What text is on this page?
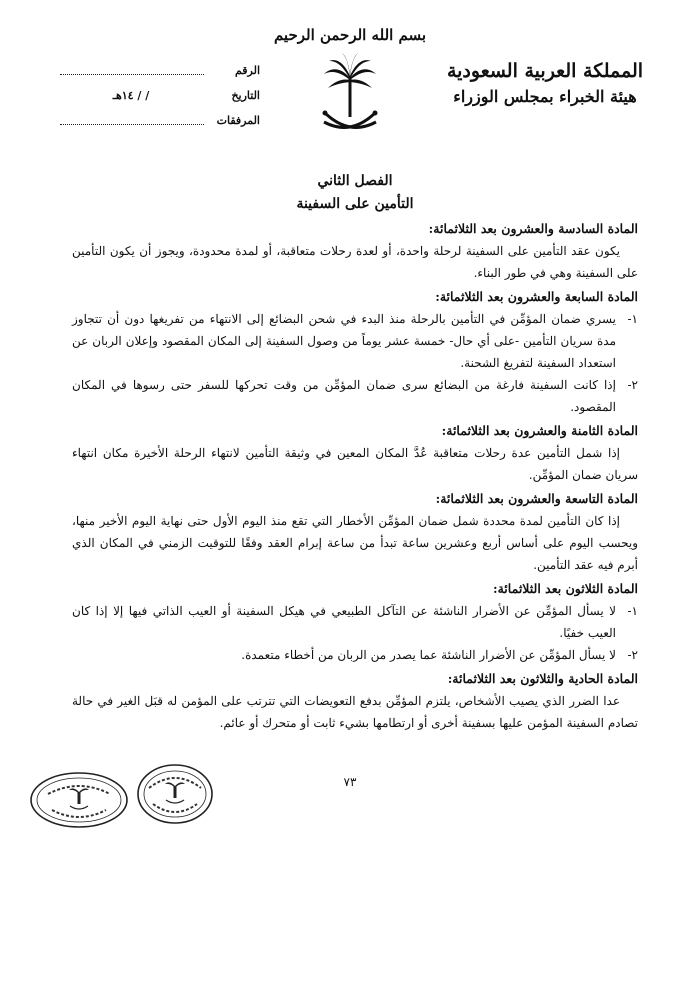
بسم الله الرحمن الرحيم
المملكة العربية السعودية
هيئة الخبراء بمجلس الوزراء
الرقم
التاريخ
/ / ١٤هـ
المرفقات
الفصل الثاني
التأمين على السفينة
المادة السادسة والعشرون بعد الثلاثمائة:
يكون عقد التأمين على السفينة لرحلة واحدة، أو لعدة رحلات متعاقبة، أو لمدة محدودة، ويجوز أن يكون التأمين على السفينة وهي في طور البناء.
المادة السابعة والعشرون بعد الثلاثمائة:
١-
يسري ضمان المؤمِّن في التأمين بالرحلة منذ البدء في شحن البضائع إلى الانتهاء من تفريغها دون أن تتجاوز مدة سريان التأمين -على أي حال- خمسة عشر يوماً من وصول السفينة إلى المكان المقصود وإعلان الربان عن استعداد السفينة لتفريغ الشحنة.
٢-
إذا كانت السفينة فارغة من البضائع سرى ضمان المؤمِّن من وقت تحركها للسفر حتى رسوها في المكان المقصود.
المادة الثامنة والعشرون بعد الثلاثمائة:
إذا شمل التأمين عدة رحلات متعاقبة عُدَّ المكان المعين في وثيقة التأمين لانتهاء الرحلة الأخيرة مكان انتهاء سريان ضمان المؤمِّن.
المادة التاسعة والعشرون بعد الثلاثمائة:
إذا كان التأمين لمدة محددة شمل ضمان المؤمِّن الأخطار التي تقع منذ اليوم الأول حتى نهاية اليوم الأخير منها، ويحسب اليوم على أساس أربع وعشرين ساعة تبدأ من ساعة إبرام العقد وفقًا للتوقيت الزمني في المكان الذي أبرم فيه عقد التأمين.
المادة الثلاثون بعد الثلاثمائة:
١-
لا يسأل المؤمِّن عن الأضرار الناشئة عن التآكل الطبيعي في هيكل السفينة أو العيب الذاتي فيها إلا إذا كان العيب خفيًا.
٢-
لا يسأل المؤمِّن عن الأضرار الناشئة عما يصدر من الربان من أخطاء متعمدة.
المادة الحادية والثلاثون بعد الثلاثمائة:
عدا الضرر الذي يصيب الأشخاص، يلتزم المؤمِّن بدفع التعويضات التي تترتب على المؤمن له قبَل الغير في حالة تصادم السفينة المؤمن عليها بسفينة أخرى أو ارتطامها بشيء ثابت أو متحرك أو عائم.
٧٣
